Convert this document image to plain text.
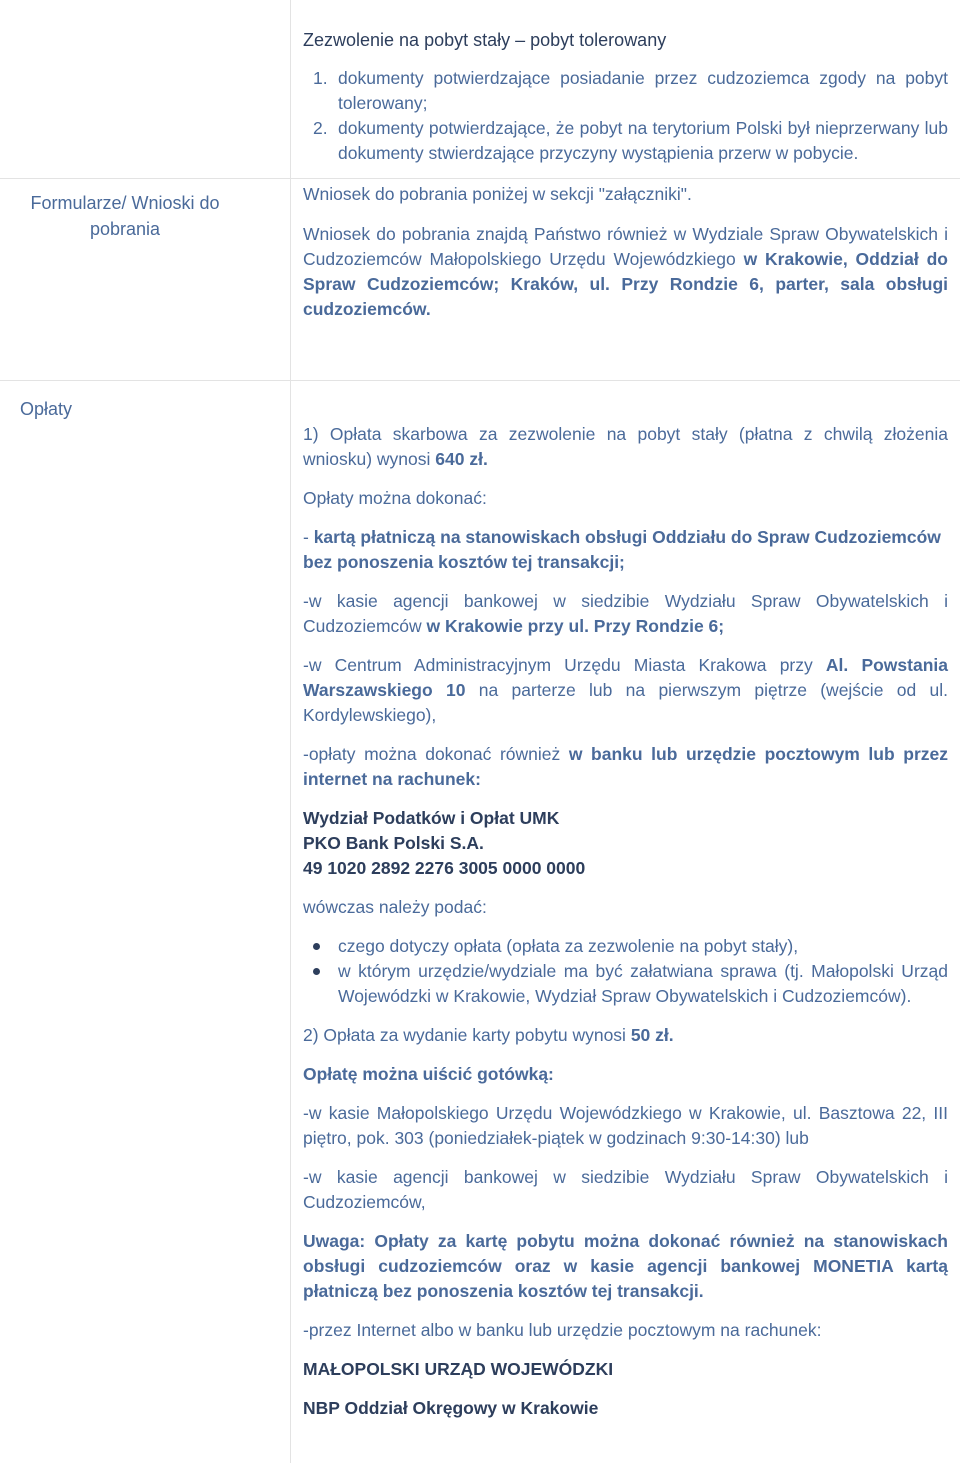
Formularze/ Wnioski do pobrania
Opłaty

Zezwolenie na pobyt stały – pobyt tolerowany

1. dokumenty potwierdzające posiadanie przez cudzoziemca zgody na pobyt tolerowany;
2. dokumenty potwierdzające, że pobyt na terytorium Polski był nieprzerwany lub dokumenty stwierdzające przyczyny wystąpienia przerw w pobycie.

Wniosek do pobrania poniżej w sekcji "załączniki".

Wniosek do pobrania znajdą Państwo również w Wydziale Spraw Obywatelskich i Cudzoziemców Małopolskiego Urzędu Wojewódzkiego w Krakowie, Oddział do Spraw Cudzoziemców; Kraków, ul. Przy Rondzie 6, parter, sala obsługi cudzoziemców.

1) Opłata skarbowa za zezwolenie na pobyt stały (płatna z chwilą złożenia wniosku) wynosi 640 zł.

Opłaty można dokonać:

- kartą płatniczą na stanowiskach obsługi Oddziału do Spraw Cudzoziemców bez ponoszenia kosztów tej transakcji;

-w kasie agencji bankowej w siedzibie Wydziału Spraw Obywatelskich i Cudzoziemców w Krakowie przy ul. Przy Rondzie 6;

-w Centrum Administracyjnym Urzędu Miasta Krakowa przy Al. Powstania Warszawskiego 10 na parterze lub na pierwszym piętrze (wejście od ul. Kordylewskiego),

-opłaty można dokonać również w banku lub urzędzie pocztowym lub przez internet na rachunek:

Wydział Podatków i Opłat UMK
PKO Bank Polski S.A.
49 1020 2892 2276 3005 0000 0000

wówczas należy podać:

czego dotyczy opłata (opłata za zezwolenie na pobyt stały),
w którym urzędzie/wydziale ma być załatwiana sprawa (tj. Małopolski Urząd Wojewódzki w Krakowie, Wydział Spraw Obywatelskich i Cudzoziemców).

2) Opłata za wydanie karty pobytu wynosi 50 zł.

Opłatę można uiścić gotówką:

-w kasie Małopolskiego Urzędu Wojewódzkiego w Krakowie, ul. Basztowa 22, III piętro, pok. 303 (poniedziałek-piątek w godzinach 9:30-14:30) lub

-w kasie agencji bankowej w siedzibie Wydziału Spraw Obywatelskich i Cudzoziemców,

Uwaga: Opłaty za kartę pobytu można dokonać również na stanowiskach obsługi cudzoziemców oraz w kasie agencji bankowej MONETIA kartą płatniczą bez ponoszenia kosztów tej transakcji.

-przez Internet albo w banku lub urzędzie pocztowym na rachunek:

MAŁOPOLSKI URZĄD WOJEWÓDZKI

NBP Oddział Okręgowy w Krakowie
